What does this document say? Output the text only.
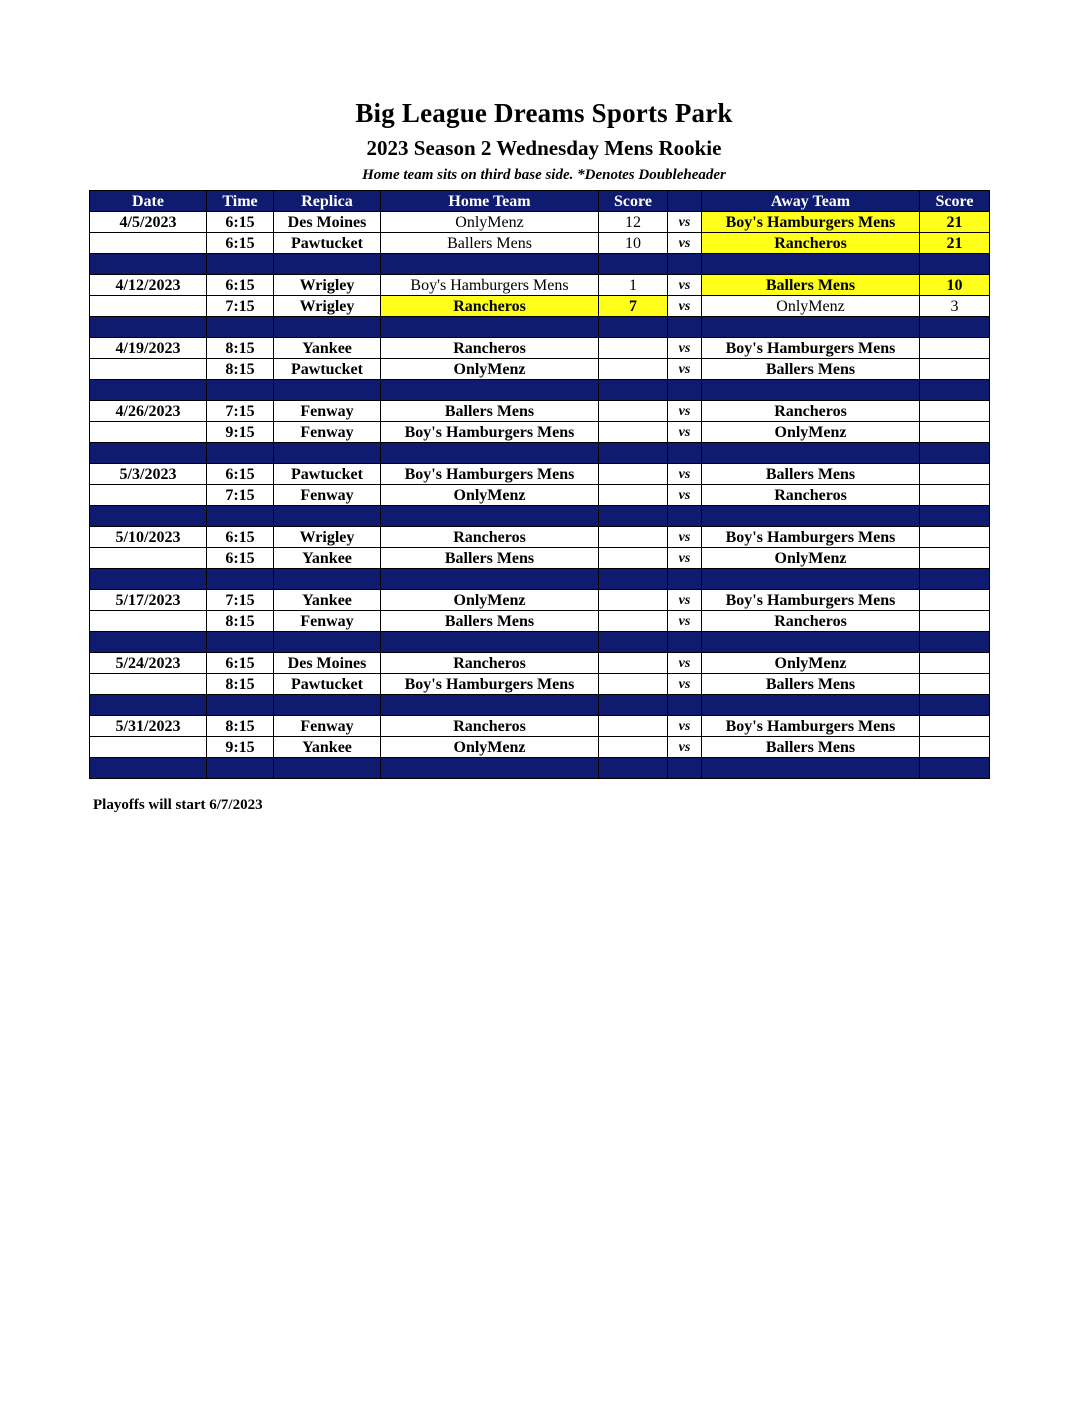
Big League Dreams Sports Park
2023 Season 2 Wednesday Mens Rookie
Home team sits on third base side. *Denotes Doubleheader
Date	Time	Replica	Home Team	Score		Away Team	Score
4/5/2023	6:15	Des Moines	OnlyMenz	12	vs	Boy's Hamburgers Mens	21
	6:15	Pawtucket	Ballers Mens	10	vs	Rancheros	21

4/12/2023	6:15	Wrigley	Boy's Hamburgers Mens	1	vs	Ballers Mens	10
	7:15	Wrigley	Rancheros	7	vs	OnlyMenz	3

4/19/2023	8:15	Yankee	Rancheros		vs	Boy's Hamburgers Mens	
	8:15	Pawtucket	OnlyMenz		vs	Ballers Mens	

4/26/2023	7:15	Fenway	Ballers Mens		vs	Rancheros	
	9:15	Fenway	Boy's Hamburgers Mens		vs	OnlyMenz	

5/3/2023	6:15	Pawtucket	Boy's Hamburgers Mens		vs	Ballers Mens	
	7:15	Fenway	OnlyMenz		vs	Rancheros	

5/10/2023	6:15	Wrigley	Rancheros		vs	Boy's Hamburgers Mens	
	6:15	Yankee	Ballers Mens		vs	OnlyMenz	

5/17/2023	7:15	Yankee	OnlyMenz		vs	Boy's Hamburgers Mens	
	8:15	Fenway	Ballers Mens		vs	Rancheros	

5/24/2023	6:15	Des Moines	Rancheros		vs	OnlyMenz	
	8:15	Pawtucket	Boy's Hamburgers Mens		vs	Ballers Mens	

5/31/2023	8:15	Fenway	Rancheros		vs	Boy's Hamburgers Mens	
	9:15	Yankee	OnlyMenz		vs	Ballers Mens	

Playoffs will start 6/7/2023
